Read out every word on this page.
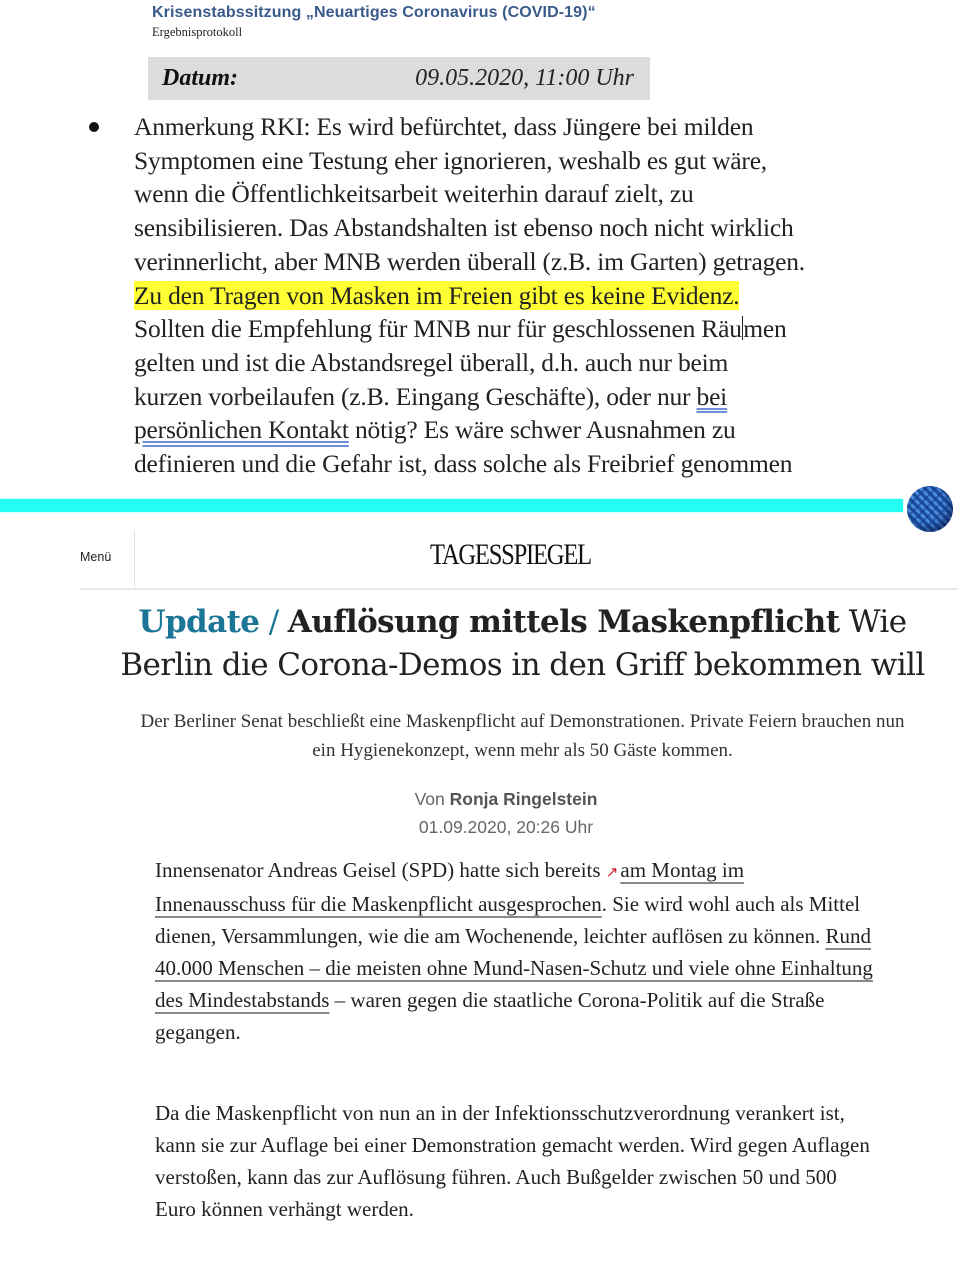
Krisenstabssitzung „Neuartiges Coronavirus (COVID-19)“
Ergebnisprotokoll
Datum:	09.05.2020, 11:00 Uhr
Anmerkung RKI: Es wird befürchtet, dass Jüngere bei milden
Symptomen eine Testung eher ignorieren, weshalb es gut wäre,
wenn die Öffentlichkeitsarbeit weiterhin darauf zielt, zu
sensibilisieren. Das Abstandshalten ist ebenso noch nicht wirklich
verinnerlicht, aber MNB werden überall (z.B. im Garten) getragen.
Zu den Tragen von Masken im Freien gibt es keine Evidenz.
Sollten die Empfehlung für MNB nur für geschlossenen Räumen
gelten und ist die Abstandsregel überall, d.h. auch nur beim
kurzen vorbeilaufen (z.B. Eingang Geschäfte), oder nur bei
persönlichen Kontakt nötig? Es wäre schwer Ausnahmen zu
definieren und die Gefahr ist, dass solche als Freibrief genommen
Menü	TAGESSPIEGEL
Update / Auflösung mittels Maskenpflicht Wie Berlin die Corona-Demos in den Griff bekommen will

Der Berliner Senat beschließt eine Maskenpflicht auf Demonstrationen. Private Feiern brauchen nun ein Hygienekonzept, wenn mehr als 50 Gäste kommen.

Von Ronja Ringelstein
01.09.2020, 20:26 Uhr

Innensenator Andreas Geisel (SPD) hatte sich bereits ↗am Montag im Innenausschuss für die Maskenpflicht ausgesprochen. Sie wird wohl auch als Mittel dienen, Versammlungen, wie die am Wochenende, leichter auflösen zu können. Rund 40.000 Menschen – die meisten ohne Mund-Nasen-Schutz und viele ohne Einhaltung des Mindestabstands – waren gegen die staatliche Corona-Politik auf die Straße gegangen.

Da die Maskenpflicht von nun an in der Infektionsschutzverordnung verankert ist, kann sie zur Auflage bei einer Demonstration gemacht werden. Wird gegen Auflagen verstoßen, kann das zur Auflösung führen. Auch Bußgelder zwischen 50 und 500 Euro können verhängt werden.
